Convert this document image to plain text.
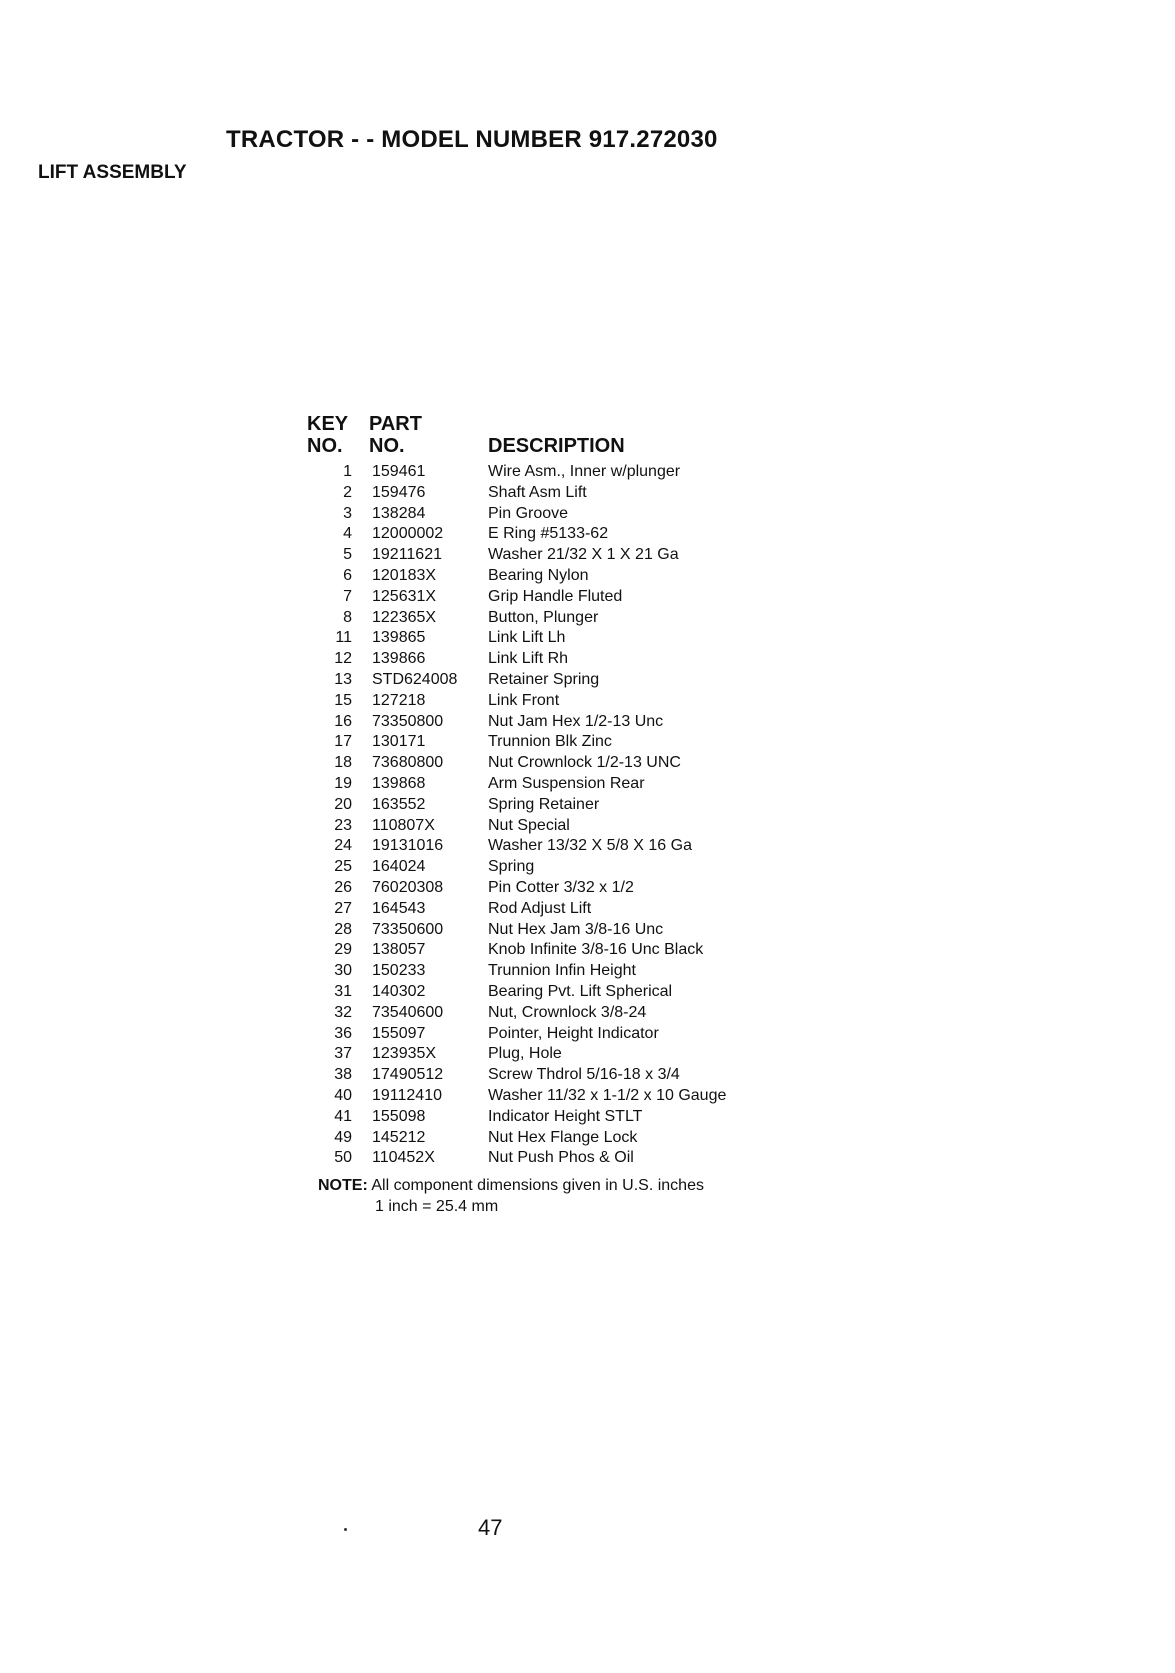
TRACTOR - - MODEL NUMBER 917.272030
LIFT ASSEMBLY
KEY
NO.
PART
NO.	DESCRIPTION
1 159461	Wire Asm., Inner w/plunger
2 159476	Shaft Asm Lift
3 138284	Pin Groove
4 12000002	E Ring #5133-62
5 19211621	Washer 21/32 X 1 X 21 Ga
6 120183X	Bearing Nylon
7 125631X	Grip Handle Fluted
8 122365X	Button, Plunger
11 139865	Link Lift Lh
12 139866	Link Lift Rh
13 STD624008 Retainer Spring
15 127218	Link Front
16 73350800	Nut Jam Hex 1/2-13 Unc
17 130171	Trunnion Blk Zinc
18 73680800	Nut Crownlock 1/2-13 UNC
19 139868	Arm Suspension Rear
20 163552	Spring Retainer
23 110807X	Nut Special
24 19131016	Washer 13/32 X 5/8 X 16 Ga
25 164024	Spring
26 76020308	Pin Cotter 3/32 x 1/2
27 164543	Rod Adjust Lift
28 73350600	Nut Hex Jam 3/8-16 Unc
29 138057	Knob Infinite 3/8-16 Unc Black
30 150233	Trunnion Infin Height
31 140302	Bearing Pvt. Lift Spherical
32 73540600	Nut, Crownlock 3/8-24
36 155097	Pointer, Height Indicator
37 123935X	Plug, Hole
38 17490512	Screw Thdrol 5/16-18 x 3/4
40 19112410	Washer 11/32 x 1-1/2 x 10 Gauge
41 155098	Indicator Height STLT
49 145212	Nut Hex Flange Lock
50 110452X	Nut Push Phos & Oil
NOTE: All component dimensions given in U.S. inches
1 inch = 25.4 mm
47
